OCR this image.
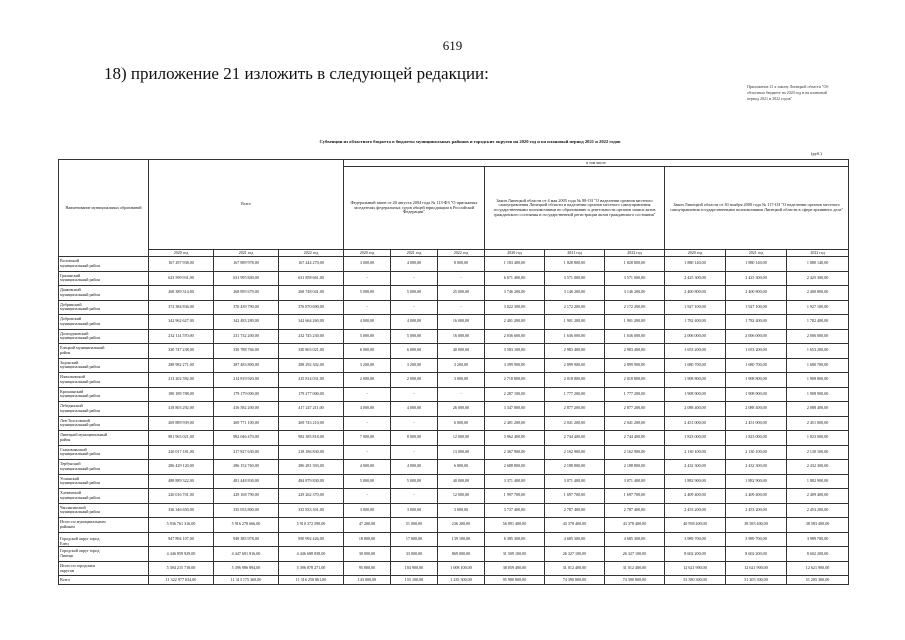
619
18) приложение 21 изложить в следующей редакции:
Приложение 21 к закону Липецкой области "Об областном бюджете на 2020 год и на плановый период 2021 и 2022 годов"
Субвенции из областного бюджета в бюджеты муниципальных районов и городских округов на 2020 год и на плановый период 2021 и 2022 годов
(руб.)
Наименование муниципальных образований	Всего			в том числе								
				Федеральный закон от 20 августа 2004 года № 113-ФЗ "О присяжных заседателях федеральных судов общей юрисдикции в Российской Федерации"			Закон Липецкой области от 4 мая 2005 года № 88-ОЗ "О наделении органов местного самоуправления Липецкой области и наделении органов местного самоуправления государственными полномочиями по образованию и деятельности органов записи актов гражданского состояния и государственной регистрации актов гражданского состояния"			Закон Липецкой области от 30 ноября 2000 года № 117-ОЗ "О наделении органов местного самоуправления государственными полномочиями Липецкой области в сфере архивного дела"		
	2020 год	2021 год	2022 год	2020 год	2021 год	2022 год	2020 год	2021 год	2022 год	2020 год	2021 год	2022 год
Воловский
муниципальный район	167 297 938,00	167 889 978,00	167 244 270,00	3 000,00	4 000,00	8 000,00	1 183 400,00	1 828 800,00	1 828 800,00	1 880 140,00	1 880 140,00	1 880 140,00
Грязинский
муниципальный район	623 599 931,00	631 995 840,00	631 858 661,00	-	-	-	6 671 400,00	3 571 000,00	3 571 000,00	2 425 300,00	2 425 300,00	2 425 300,00
Данковский
муниципальный район	268 389 314,00	268 895 679,00	268 748 041,00	5 000,00	5 000,00	25 000,00	3 746 200,00	3 146 200,00	3 146 200,00	2 400 800,00	2 400 800,00	2 400 800,00
Добринский
муниципальный район	372 384 836,00	376 439 790,00	376 870 690,00	-	-	-	3 022 300,00	2 172 200,00	2 172 200,00	1 927 100,00	1 927 100,00	1 927 100,00
Добровский
муниципальный район	342 962 627,00	342 483 280,00	342 664 260,00	4 000,00	4 000,00	16 000,00	2 401 200,00	1 901 200,00	1 901 200,00	1 782 400,00	1 782 400,00	1 782 400,00
Долгоруковский
муниципальный район	232 114 570,00	231 732 200,00	232 745 230,00	5 000,00	5 000,00	16 000,00	2 036 600,00	1 636 000,00	1 636 000,00	2 006 000,00	2 006 000,00	2 006 000,00
Елецкий муниципальный
район	330 747 238,00	330 788 766,00	330 803 021,00	6 000,00	6 000,00	40 000,00	3 583 100,00	2 983 400,00	2 983 400,00	1 653 200,00	1 653 200,00	1 653 200,00
Задонский
муниципальный район	288 982 271,00	287 483 800,00	288 292 302,00	3 200,00	3 200,00	3 200,00	3 399 900,00	2 899 900,00	2 899 900,00	1 680 700,00	1 680 700,00	1 680 700,00
Измалковский
муниципальный район	213 202 592,00	214 819 920,00	215 814 031,00	2 000,00	2 000,00	3 000,00	2 718 800,00	2 018 800,00	2 018 800,00	1 908 800,00	1 908 800,00	1 908 800,00
Краснинский
муниципальный район	180 189 788,00	179 179 000,00	179 277 000,00	-	-	-	2 287 100,00	1 777 200,00	1 777 200,00	1 908 900,00	1 908 900,00	1 908 900,00
Лебедянский
муниципальный район	418 803 292,00	416 582 200,00	417 247 211,00	4 000,00	4 000,00	26 000,00	3 347 800,00	2 877 200,00	2 877 200,00	2 088 400,00	2 088 400,00	2 088 400,00
Лев-Толстовский
муниципальный район	269 889 939,00	269 771 100,00	269 743 210,00	-	-	6 000,00	2 401 200,00	2 041 200,00	2 041 200,00	2 451 000,00	2 451 000,00	2 451 000,00
Липецкий муниципальный
район	981 963 021,00	982 046 470,00	982 385 818,00	7 000,00	8 000,00	12 000,00	3 962 400,00	2 744 400,00	2 744 400,00	1 823 000,00	1 823 000,00	1 823 000,00
Становлянский
муниципальный район	220 017 181,00	217 827 630,00	218 186 830,00	-	-	13 000,00	2 367 900,00	2 162 900,00	2 162 900,00	2 130 100,00	2 130 100,00	2 130 100,00
Тербунский
муниципальный район	286 429 120,00	286 152 760,00	286 281 393,00	4 000,00	4 000,00	6 000,00	2 688 800,00	2 188 800,00	2 188 800,00	2 432 300,00	2 432 300,00	2 432 300,00
Усманский
муниципальный район	488 889 322,00	481 448 830,00	484 879 830,00	5 000,00	5 000,00	40 000,00	3 371 400,00	3 071 400,00	3 071 400,00	1 882 900,00	1 882 900,00	1 882 900,00
Хлевенский
муниципальный район	220 016 701,00	229 168 790,00	229 262 370,00	-	-	12 000,00	1 997 700,00	1 697 700,00	1 697 700,00	2 409 400,00	2 409 400,00	2 409 400,00
Чаплыгинский
муниципальный район	336 346 650,00	335 053 800,00	335 833 301,00	3 000,00	3 000,00	3 000,00	3 737 400,00	2 787 400,00	2 787 400,00	2 453 200,00	2 453 200,00	2 453 200,00
Итого по муниципальным
районам	5 936 761 316,00	5 916 278 666,00	5 910 372 590,00	47 200,00	51 000,00	236 200,00	56 891 400,00	43 378 400,00	43 378 400,00	40 958 400,00	38 583 400,00	38 583 400,00

Городской округ город
Елец	947 894 107,00	948 385 978,00	950 992 426,00	18 800,00	17 000,00	139 100,00	6 385 300,00	4 685 300,00	4 685 300,00	3 989 700,00	3 989 700,00	3 989 700,00
Городской округ город
Липецк	4 446 859 929,00	4 447 691 816,00	4 446 688 838,00	30 000,00	33 000,00	869 000,00	31 509 100,00	26 327 100,00	26 327 100,00	8 602 200,00	8 602 200,00	8 602 200,00
Итого по городским
округам	5 394 215 718,00	5 396 986 894,00	5 396 878 271,00	95 800,00	104 900,00	1 008 100,00	38 059 400,00	31 012 400,00	31 012 400,00	12 621 900,00	12 621 900,00	12 621 900,00
Всего	11 322 977 034,00	11 313 175 360,00	11 316 250 861,00	143 000,00	155 100,00	1 235 300,00	95 980 800,00	74 390 800,00	74 390 800,00	53 580 300,00	51 205 300,00	51 205 300,00
